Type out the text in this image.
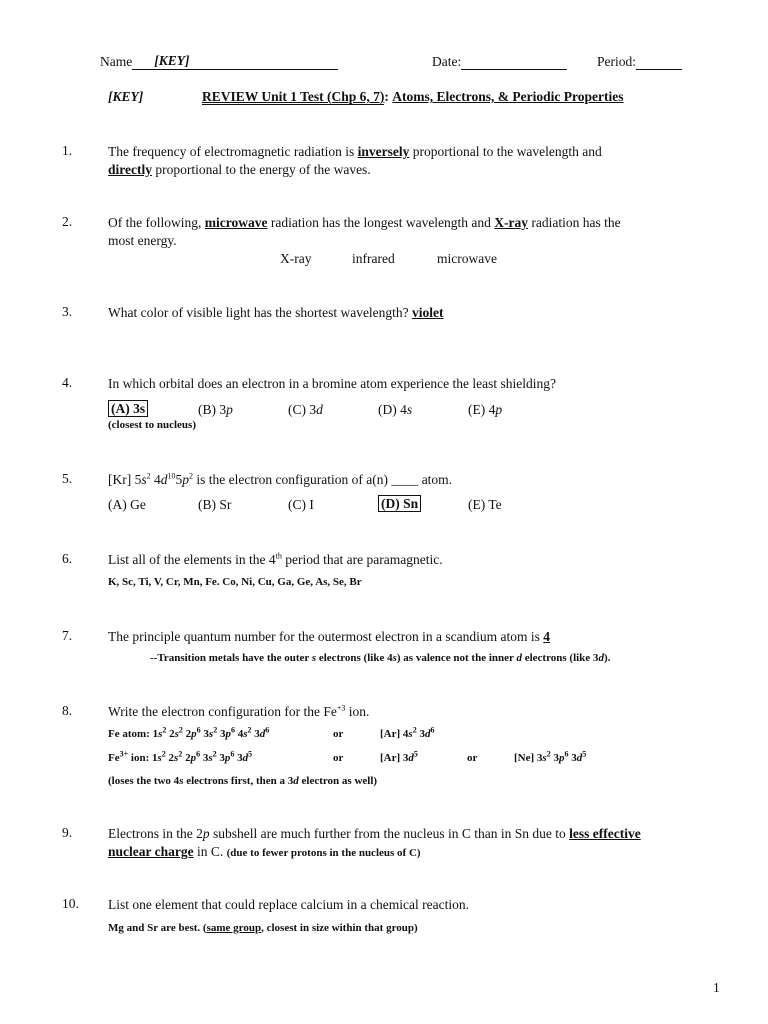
Name [KEY]	Date:	Period:
[KEY]	REVIEW Unit 1 Test (Chp 6, 7): Atoms, Electrons, & Periodic Properties
1.	The frequency of electromagnetic radiation is inversely proportional to the wavelength and
directly proportional to the energy of the waves.
2.	Of the following, microwave radiation has the longest wavelength and X-ray radiation has the
most energy.
X-ray	infrared	microwave
3.	What color of visible light has the shortest wavelength? violet
4.	In which orbital does an electron in a bromine atom experience the least shielding?
(A) 3s	(B) 3p	(C) 3d	(D) 4s	(E) 4p
(closest to nucleus)
5.	[Kr] $5s^2$ $4d^{10}5p^2$ is the electron configuration of a(n) ____ atom.
(A) Ge	(B) Sr	(C) I	(D) Sn	(E) Te
6.	List all of the elements in the 4th period that are paramagnetic.
K, Sc, Ti, V, Cr, Mn, Fe. Co, Ni, Cu, Ga, Ge, As, Se, Br
7.	The principle quantum number for the outermost electron in a scandium atom is 4
--Transition metals have the outer s electrons (like 4s) as valence not the inner d electrons (like 3d).
8.	Write the electron configuration for the $Fe^{+3}$ ion.
Fe atom: $1s^2$ $2s^2$ $2p^6$ $3s^2$ $3p^6$ $4s^2$ $3d^6$	or	[Ar] $4s^2$ $3d^6$
$Fe^{3+}$ ion: $1s^2$ $2s^2$ $2p^6$ $3s^2$ $3p^6$ $3d^5$	or	[Ar] $3d^5$	or	[Ne] $3s^2$ $3p^6$ $3d^5$
(loses the two 4s electrons first, then a 3d electron as well)
9.	Electrons in the 2p subshell are much further from the nucleus in C than in Sn due to less effective
nuclear charge in C. (due to fewer protons in the nucleus of C)
10.	List one element that could replace calcium in a chemical reaction.
Mg and Sr are best. (same group, closest in size within that group)
1
